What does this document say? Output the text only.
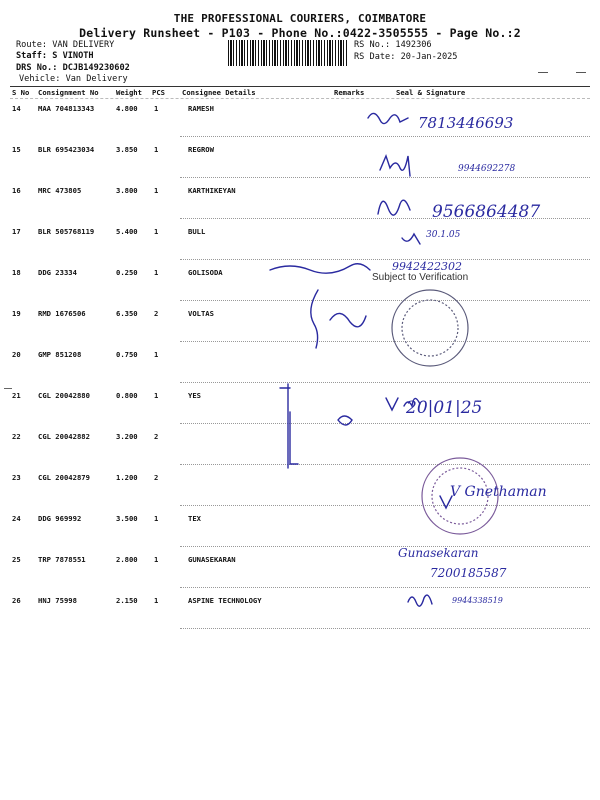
THE PROFESSIONAL COURIERS, COIMBATORE
Delivery Runsheet - P103 - Phone No.:0422-3505555 - Page No.:2
Route: VAN DELIVERY
Staff: S VINOTH
DRS No.: DCJB149230602
Vehicle: Van Delivery
RS No.: 1492306
RS Date: 20-Jan-2025
S No Consignment No Weight PCS Consignee Details	Remarks	Seal & Signature
14 MAA 704813343	4.800 1	RAMESH
15 BLR 695423034	3.850 1	REGROW
16 MRC 473805	3.800 1	KARTHIKEYAN
17 BLR 505768119	5.400 1	BULL
18 DDG 23334	0.250 1	GOLISODA
19 RMD 1676506	6.350 2	VOLTAS
20 GMP 851208	0.750 1
21 CGL 20042880	0.800 1	YES
22 CGL 20042882	3.200 2
23 CGL 20042879	1.200 2
24 DDG 969992	3.500 1	TEX
25 TRP 7878551	2.800 1	GUNASEKARAN
26 HNJ 75998	2.150 1	ASPINE TECHNOLOGY
7813446693
9944692278
9566864487
30.1.05
9942422302
Subject to Verification
20|01|25
V Gnethaman
Gunasekaran
7200185587
9944338519
